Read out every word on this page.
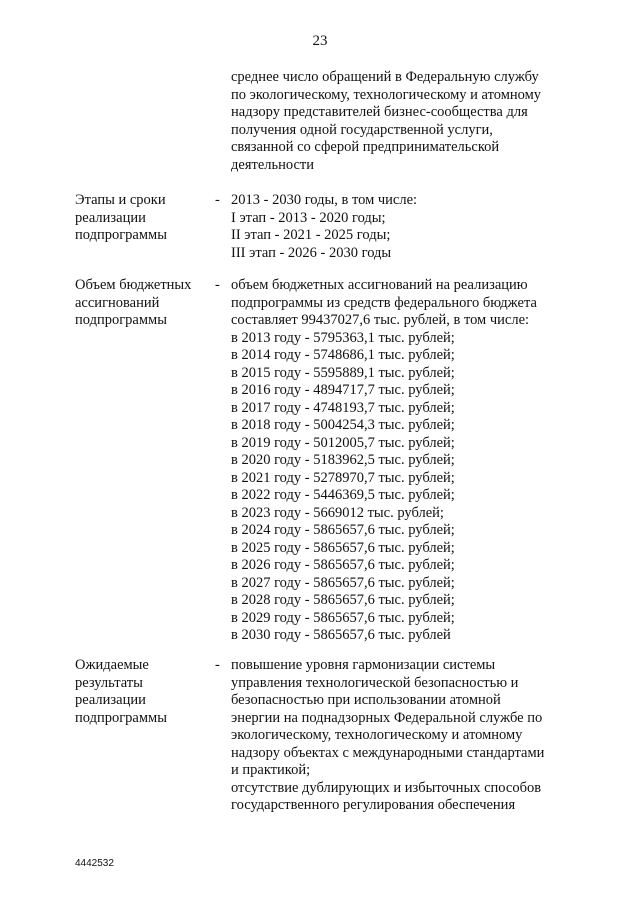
23
среднее число обращений в Федеральную службу
по экологическому, технологическому и атомному
надзору представителей бизнес-сообщества для
получения одной государственной услуги,
связанной со сферой предпринимательской
деятельности
Этапы и сроки
реализации
подпрограммы
- 2013 - 2030 годы, в том числе:
I этап - 2013 - 2020 годы;
II этап - 2021 - 2025 годы;
III этап - 2026 - 2030 годы
Объем бюджетных
ассигнований
подпрограммы
- объем бюджетных ассигнований на реализацию
подпрограммы из средств федерального бюджета
составляет 99437027,6 тыс. рублей, в том числе:
в 2013 году - 5795363,1 тыс. рублей;
в 2014 году - 5748686,1 тыс. рублей;
в 2015 году - 5595889,1 тыс. рублей;
в 2016 году - 4894717,7 тыс. рублей;
в 2017 году - 4748193,7 тыс. рублей;
в 2018 году - 5004254,3 тыс. рублей;
в 2019 году - 5012005,7 тыс. рублей;
в 2020 году - 5183962,5 тыс. рублей;
в 2021 году - 5278970,7 тыс. рублей;
в 2022 году - 5446369,5 тыс. рублей;
в 2023 году - 5669012 тыс. рублей;
в 2024 году - 5865657,6 тыс. рублей;
в 2025 году - 5865657,6 тыс. рублей;
в 2026 году - 5865657,6 тыс. рублей;
в 2027 году - 5865657,6 тыс. рублей;
в 2028 году - 5865657,6 тыс. рублей;
в 2029 году - 5865657,6 тыс. рублей;
в 2030 году - 5865657,6 тыс. рублей
Ожидаемые
результаты
реализации
подпрограммы
- повышение уровня гармонизации системы
управления технологической безопасностью и
безопасностью при использовании атомной
энергии на поднадзорных Федеральной службе по
экологическому, технологическому и атомному
надзору объектах с международными стандартами
и практикой;
отсутствие дублирующих и избыточных способов
государственного регулирования обеспечения
4442532
